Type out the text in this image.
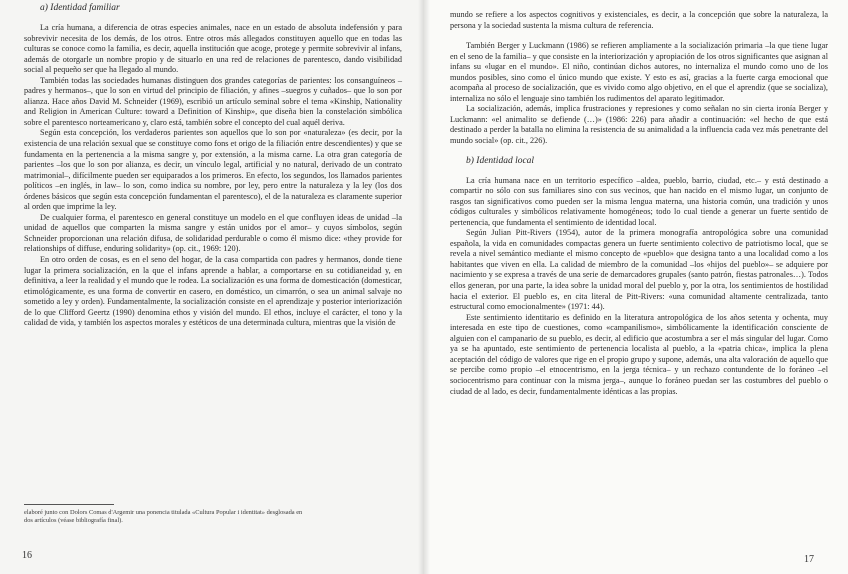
a) Identidad familiar

La cría humana, a diferencia de otras especies animales, nace en un estado de absoluta indefensión y para sobrevivir necesita de los demás, de los otros. Entre otros más allegados constituyen aquello que en todas las culturas se conoce como la familia, es decir, aquella institución que acoge, protege y permite sobrevivir al infans, además de otorgarle un nombre propio y de situarlo en una red de relaciones de parentesco, dando visibilidad social al pequeño ser que ha llegado al mundo.

También todas las sociedades humanas distinguen dos grandes categorías de parientes: los consanguíneos –padres y hermanos–, que lo son en virtud del principio de filiación, y afines –suegros y cuñados– que lo son por alianza. Hace años David M. Schneider (1969), escribió un artículo seminal sobre el tema «Kinship, Nationality and Religion in American Culture: toward a Definition of Kinship», que diseña bien la constelación simbólica sobre el parentesco norteamericano y, claro está, también sobre el concepto del cual aquél deriva.

Según esta concepción, los verdaderos parientes son aquellos que lo son por «naturaleza» (es decir, por la existencia de una relación sexual que se constituye como fons et origo de la filiación entre descendientes) y que se fundamenta en la pertenencia a la misma sangre y, por extensión, a la misma carne. La otra gran categoría de parientes –los que lo son por alianza, es decir, un vínculo legal, artificial y no natural, derivado de un contrato matrimonial–, difícilmente pueden ser equiparados a los primeros. En efecto, los segundos, los llamados parientes políticos –en inglés, in law– lo son, como indica su nombre, por ley, pero entre la naturaleza y la ley (los dos órdenes básicos que según esta concepción fundamentan el parentesco), el de la naturaleza es claramente superior al orden que imprime la ley.

De cualquier forma, el parentesco en general constituye un modelo en el que confluyen ideas de unidad –la unidad de aquellos que comparten la misma sangre y están unidos por el amor– y cuyos símbolos, según Schneider proporcionan una relación difusa, de solidaridad perdurable o como él mismo dice: «they provide for relationships of diffuse, enduring solidarity» (op. cit., 1969: 120).

En otro orden de cosas, es en el seno del hogar, de la casa compartida con padres y hermanos, donde tiene lugar la primera socialización, en la que el infans aprende a hablar, a comportarse en su cotidianeidad y, en definitiva, a leer la realidad y el mundo que le rodea. La socialización es una forma de domesticación (domesticar, etimológicamente, es una forma de convertir en casero, en doméstico, un cimarrón, o sea un animal salvaje no sometido a ley y orden). Fundamentalmente, la socialización consiste en el aprendizaje y posterior interiorización de lo que Clifford Geertz (1990) denomina ethos y visión del mundo. El ethos, incluye el carácter, el tono y la calidad de vida, y también los aspectos morales y estéticos de una determinada cultura, mientras que la visión de

elaboré junto con Dolors Comas d'Argemir una ponencia titulada «Cultura Popular i identitat» desglosada en dos artículos (véase bibliografía final).
16

mundo se refiere a los aspectos cognitivos y existenciales, es decir, a la concepción que sobre la naturaleza, la persona y la sociedad sustenta la misma cultura de referencia.

También Berger y Luckmann (1986) se refieren ampliamente a la socialización primaria –la que tiene lugar en el seno de la familia– y que consiste en la interiorización y apropiación de los otros significantes que asignan al infans su «lugar en el mundo». El niño, continúan dichos autores, no internaliza el mundo como uno de los mundos posibles, sino como el único mundo que existe. Y esto es así, gracias a la fuerte carga emocional que acompaña al proceso de socialización, que es vivido como algo objetivo, en el que el aprendiz (que se socializa), internaliza no sólo el lenguaje sino también los rudimentos del aparato legitimador.

La socialización, además, implica frustraciones y represiones y como señalan no sin cierta ironía Berger y Luckmann: «el animalito se defiende (…)» (1986: 226) para añadir a continuación: «el hecho de que está destinado a perder la batalla no elimina la resistencia de su animalidad a la influencia cada vez más penetrante del mundo social» (op. cit., 226).

b) Identidad local

La cría humana nace en un territorio específico –aldea, pueblo, barrio, ciudad, etc.– y está destinado a compartir no sólo con sus familiares sino con sus vecinos, que han nacido en el mismo lugar, un conjunto de rasgos tan significativos como pueden ser la misma lengua materna, una historia común, una tradición y unos códigos culturales y simbólicos relativamente homogéneos; todo lo cual tiende a generar un fuerte sentido de pertenencia, que fundamenta el sentimiento de identidad local.

Según Julian Pitt-Rivers (1954), autor de la primera monografía antropológica sobre una comunidad española, la vida en comunidades compactas genera un fuerte sentimiento colectivo de patriotismo local, que se revela a nivel semántico mediante el mismo concepto de «pueblo» que designa tanto a una localidad como a los habitantes que viven en ella. La calidad de miembro de la comunidad –los «hijos del pueblo»– se adquiere por nacimiento y se expresa a través de una serie de demarcadores grupales (santo patrón, fiestas patronales…). Todos ellos generan, por una parte, la idea sobre la unidad moral del pueblo y, por la otra, los sentimientos de hostilidad hacia el exterior. El pueblo es, en cita literal de Pitt-Rivers: «una comunidad altamente centralizada, tanto estructural como emocionalmente» (1971: 44).

Este sentimiento identitario es definido en la literatura antropológica de los años setenta y ochenta, muy interesada en este tipo de cuestiones, como «campanilismo», simbólicamente la identificación consciente de alguien con el campanario de su pueblo, es decir, al edificio que acostumbra a ser el más singular del lugar. Como ya se ha apuntado, este sentimiento de pertenencia localista al pueblo, a la «patria chica», implica la plena aceptación del código de valores que rige en el propio grupo y supone, además, una alta valoración de aquello que se percibe como propio –el etnocentrismo, en la jerga técnica– y un rechazo contundente de lo foráneo –el sociocentrismo para continuar con la misma jerga–, aunque lo foráneo puedan ser las costumbres del pueblo o ciudad de al lado, es decir, fundamentalmente idénticas a las propias.

17
